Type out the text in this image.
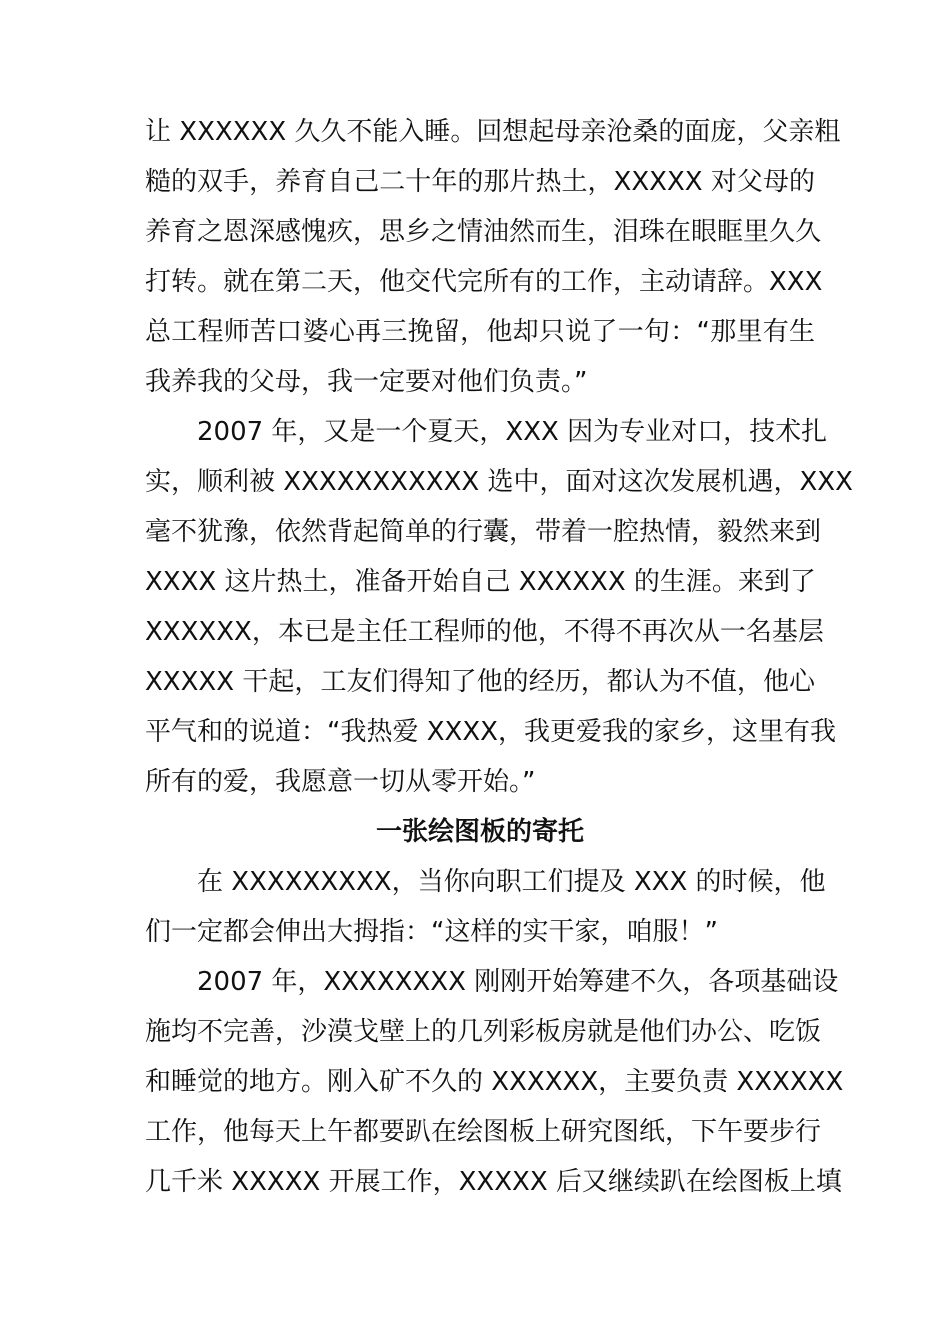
让 XXXXXX 久久不能入睡。回想起母亲沧桑的面庞，父亲粗
糙的双手，养育自己二十年的那片热土，XXXXX 对父母的
养育之恩深感愧疚，思乡之情油然而生，泪珠在眼眶里久久
打转。就在第二天，他交代完所有的工作，主动请辞。XXX
总工程师苦口婆心再三挽留，他却只说了一句：“那里有生
我养我的父母，我一定要对他们负责。”
2007 年，又是一个夏天，XXX 因为专业对口，技术扎
实，顺利被 XXXXXXXXXXX 选中，面对这次发展机遇，XXX
毫不犹豫，依然背起简单的行囊，带着一腔热情，毅然来到
XXXX 这片热土，准备开始自己 XXXXXX 的生涯。来到了
XXXXXX，本已是主任工程师的他，不得不再次从一名基层
XXXXX 干起，工友们得知了他的经历，都认为不值，他心
平气和的说道：“我热爱 XXXX，我更爱我的家乡，这里有我
所有的爱，我愿意一切从零开始。”
一张绘图板的寄托
在 XXXXXXXXX，当你向职工们提及 XXX 的时候，他
们一定都会伸出大拇指：“这样的实干家，咱服！”
2007 年，XXXXXXXX 刚刚开始筹建不久，各项基础设
施均不完善，沙漠戈壁上的几列彩板房就是他们办公、吃饭
和睡觉的地方。刚入矿不久的 XXXXXX，主要负责 XXXXXX
工作，他每天上午都要趴在绘图板上研究图纸，下午要步行
几千米 XXXXX 开展工作，XXXXX 后又继续趴在绘图板上填
